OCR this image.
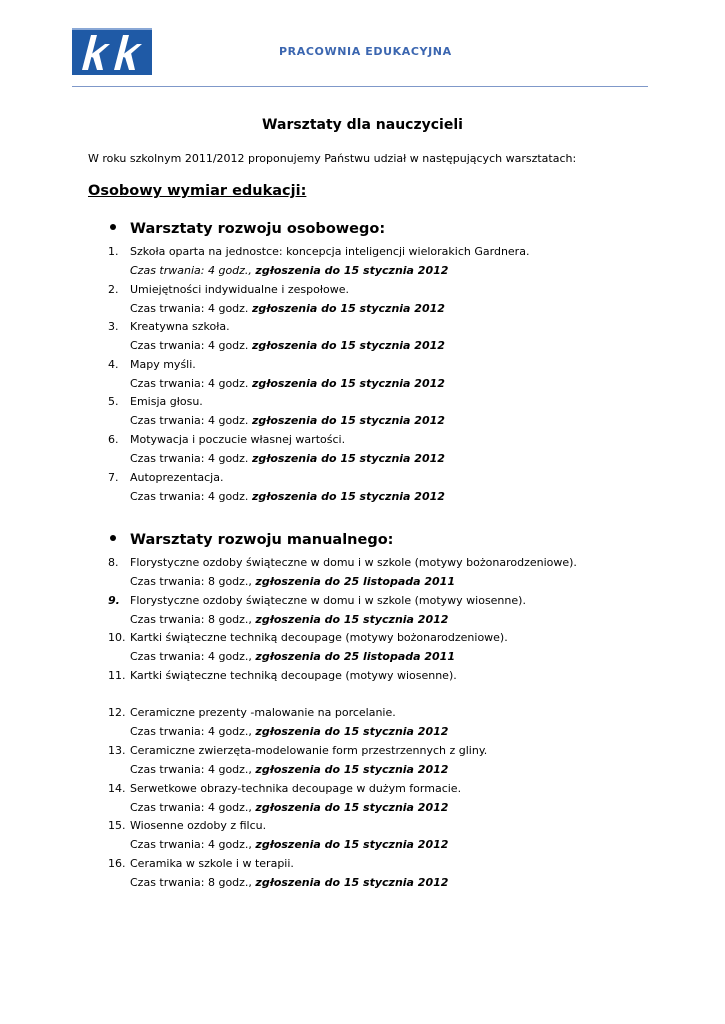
PRACOWNIA EDUKACYJNA
Warsztaty dla nauczycieli
W roku szkolnym 2011/2012 proponujemy Państwu udział w następujących warsztatach:
Osobowy wymiar edukacji:
Warsztaty rozwoju osobowego:
1. Szkoła oparta na jednostce: koncepcja inteligencji wielorakich Gardnera.
Czas trwania: 4 godz., zgłoszenia do 15 stycznia 2012
2. Umiejętności indywidualne i zespołowe.
Czas trwania: 4 godz. zgłoszenia do 15 stycznia 2012
3. Kreatywna szkoła.
Czas trwania: 4 godz. zgłoszenia do 15 stycznia 2012
4. Mapy myśli.
Czas trwania: 4 godz. zgłoszenia do 15 stycznia 2012
5. Emisja głosu.
Czas trwania: 4 godz. zgłoszenia do 15 stycznia 2012
6. Motywacja i poczucie własnej wartości.
Czas trwania: 4 godz. zgłoszenia do 15 stycznia 2012
7. Autoprezentacja.
Czas trwania: 4 godz. zgłoszenia do 15 stycznia 2012
Warsztaty rozwoju manualnego:
8. Florystyczne ozdoby świąteczne w domu i w szkole (motywy bożonarodzeniowe).
Czas trwania: 8 godz., zgłoszenia do 25 listopada 2011
9. Florystyczne ozdoby świąteczne w domu i w szkole (motywy wiosenne).
Czas trwania: 8 godz., zgłoszenia do 15 stycznia 2012
10. Kartki świąteczne techniką decoupage (motywy bożonarodzeniowe).
Czas trwania: 4 godz., zgłoszenia do 25 listopada 2011
11. Kartki świąteczne techniką decoupage (motywy wiosenne).
12. Ceramiczne prezenty -malowanie na porcelanie.
Czas trwania: 4 godz., zgłoszenia do 15 stycznia 2012
13. Ceramiczne zwierzęta-modelowanie form przestrzennych z gliny.
Czas trwania: 4 godz., zgłoszenia do 15 stycznia 2012
14. Serwetkowe obrazy-technika decoupage w dużym formacie.
Czas trwania: 4 godz., zgłoszenia do 15 stycznia 2012
15. Wiosenne ozdoby z filcu.
Czas trwania: 4 godz., zgłoszenia do 15 stycznia 2012
16. Ceramika w szkole i w terapii.
Czas trwania: 8 godz., zgłoszenia do 15 stycznia 2012
